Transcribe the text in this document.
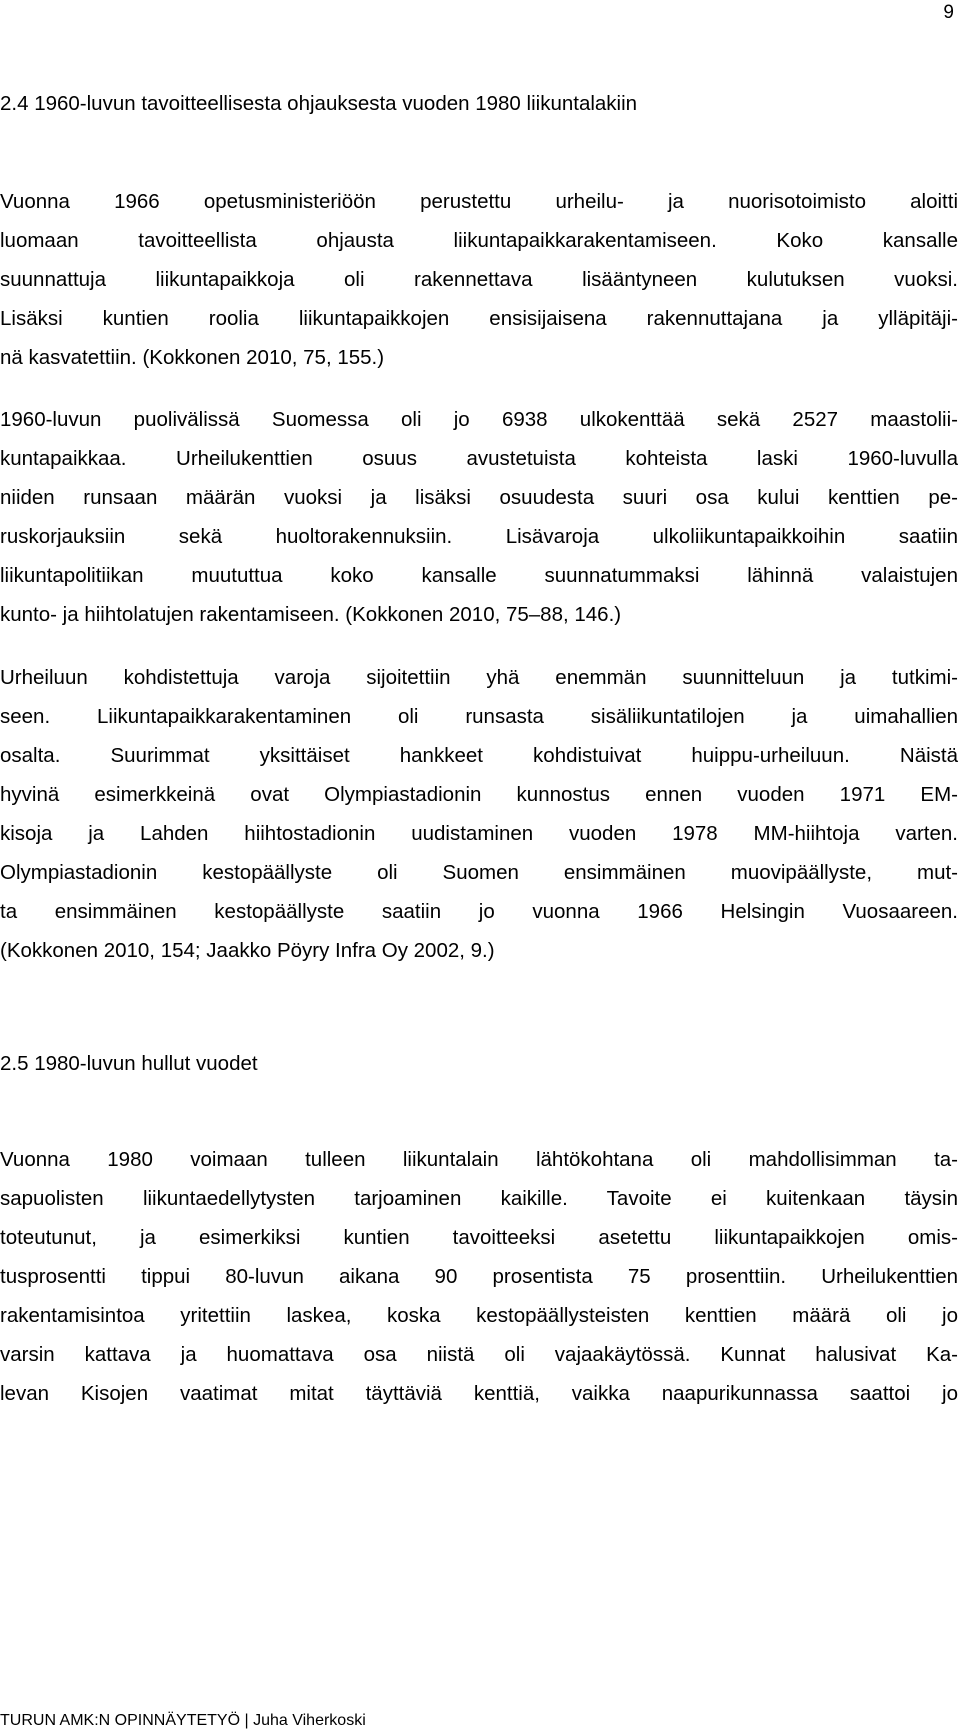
9
2.4 1960-luvun tavoitteellisesta ohjauksesta vuoden 1980 liikuntalakiin
Vuonna 1966 opetusministeriöön perustettu urheilu- ja nuorisotoimisto aloitti
luomaan tavoitteellista ohjausta liikuntapaikkarakentamiseen. Koko kansalle
suunnattuja liikuntapaikkoja oli rakennettava lisääntyneen kulutuksen vuoksi.
Lisäksi kuntien roolia liikuntapaikkojen ensisijaisena rakennuttajana ja ylläpitäji-
nä kasvatettiin. (Kokkonen 2010, 75, 155.)
1960-luvun puolivälissä Suomessa oli jo 6938 ulkokenttää sekä 2527 maastolii-
kuntapaikkaa. Urheilukenttien osuus avustetuista kohteista laski 1960-luvulla
niiden runsaan määrän vuoksi ja lisäksi osuudesta suuri osa kului kenttien pe-
ruskorjauksiin sekä huoltorakennuksiin. Lisävaroja ulkoliikuntapaikkoihin saatiin
liikuntapolitiikan muututtua koko kansalle suunnatummaksi lähinnä valaistujen
kunto- ja hiihtolatujen rakentamiseen. (Kokkonen 2010, 75–88, 146.)
Urheiluun kohdistettuja varoja sijoitettiin yhä enemmän suunnitteluun ja tutkimi-
seen. Liikuntapaikkarakentaminen oli runsasta sisäliikuntatilojen ja uimahallien
osalta. Suurimmat yksittäiset hankkeet kohdistuivat huippu-urheiluun. Näistä
hyvinä esimerkkeinä ovat Olympiastadionin kunnostus ennen vuoden 1971 EM-
kisoja ja Lahden hiihtostadionin uudistaminen vuoden 1978 MM-hiihtoja varten.
Olympiastadionin kestopäällyste oli Suomen ensimmäinen muovipäällyste, mut-
ta ensimmäinen kestopäällyste saatiin jo vuonna 1966 Helsingin Vuosaareen.
(Kokkonen 2010, 154; Jaakko Pöyry Infra Oy 2002, 9.)
2.5 1980-luvun hullut vuodet
Vuonna 1980 voimaan tulleen liikuntalain lähtökohtana oli mahdollisimman ta-
sapuolisten liikuntaedellytysten tarjoaminen kaikille. Tavoite ei kuitenkaan täysin
toteutunut, ja esimerkiksi kuntien tavoitteeksi asetettu liikuntapaikkojen omis-
tusprosentti tippui 80-luvun aikana 90 prosentista 75 prosenttiin. Urheilukenttien
rakentamisintoa yritettiin laskea, koska kestopäällysteisten kenttien määrä oli jo
varsin kattava ja huomattava osa niistä oli vajaakäytössä. Kunnat halusivat Ka-
levan Kisojen vaatimat mitat täyttäviä kenttiä, vaikka naapurikunnassa saattoi jo
TURUN AMK:N OPINNÄYTETYÖ | Juha Viherkoski
